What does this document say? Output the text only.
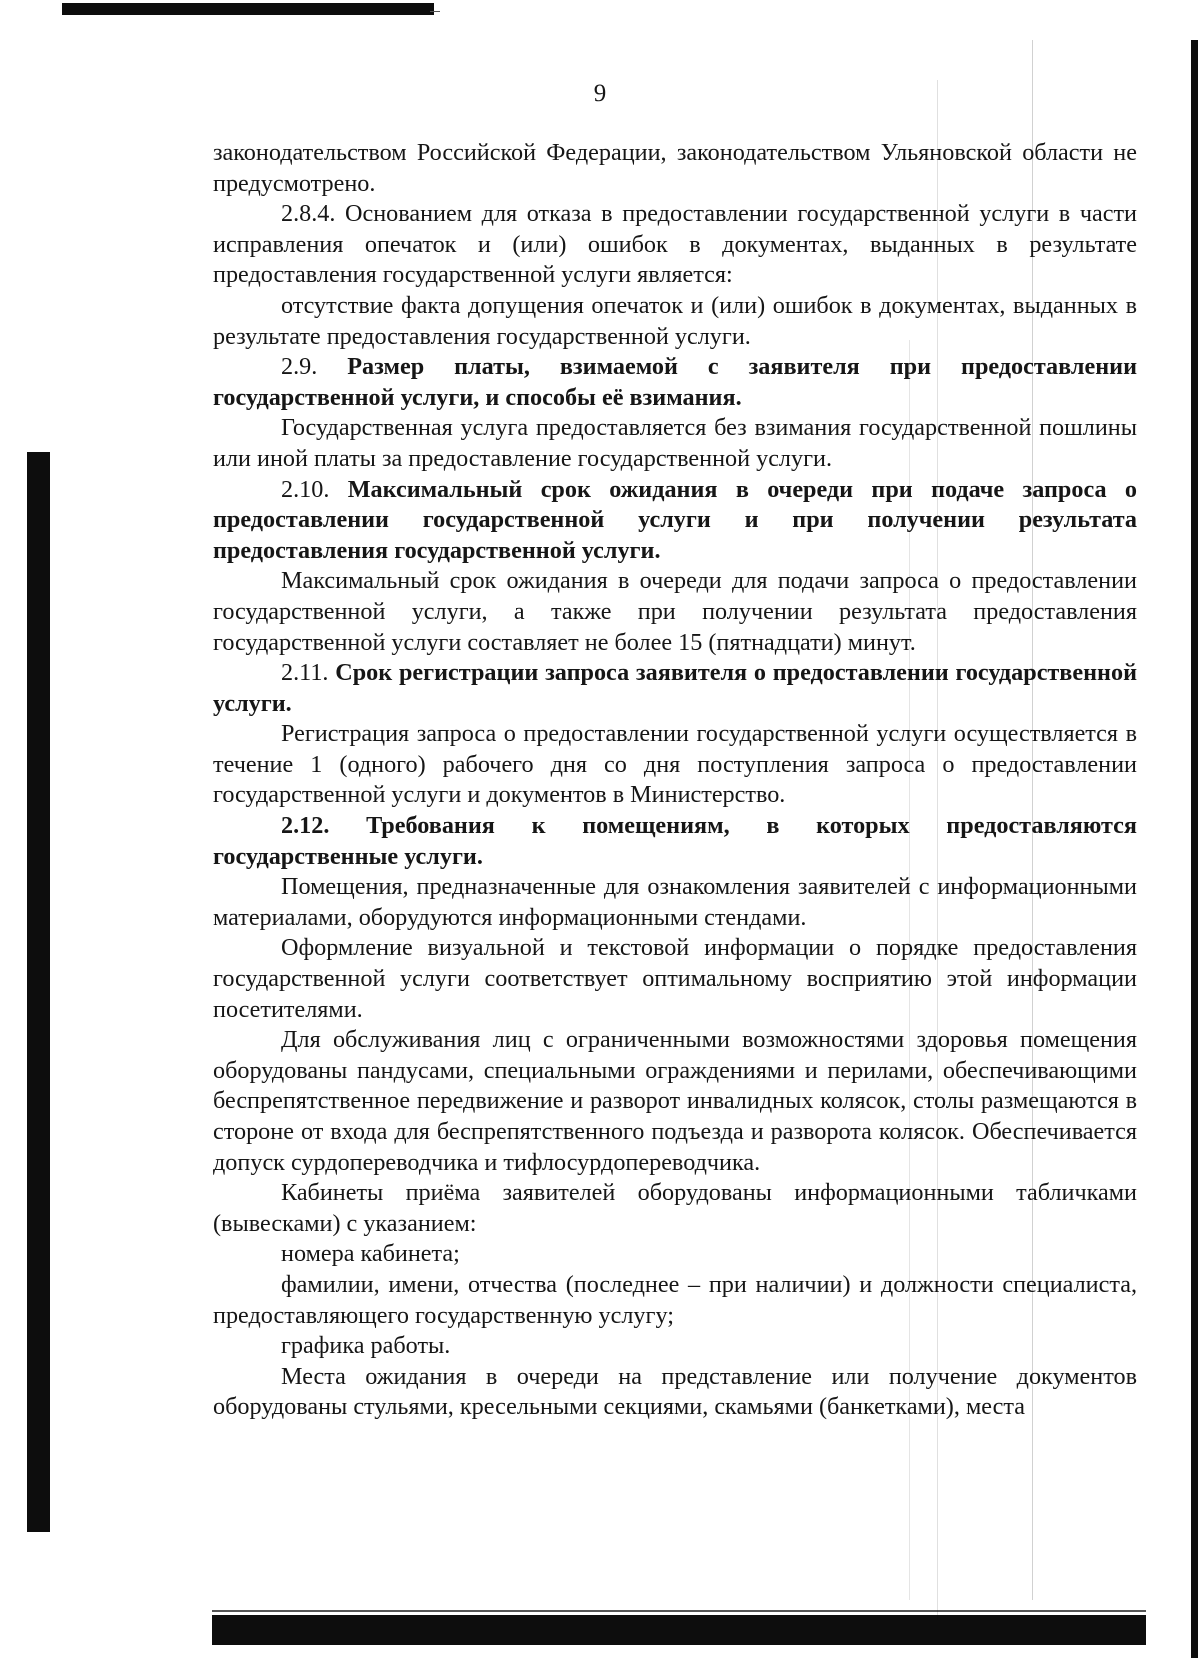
9

законодательством Российской Федерации, законодательством Ульяновской области не предусмотрено.

2.8.4. Основанием для отказа в предоставлении государственной услуги в части исправления опечаток и (или) ошибок в документах, выданных в результате предоставления государственной услуги является:

отсутствие факта допущения опечаток и (или) ошибок в документах, выданных в результате предоставления государственной услуги.

2.9. Размер платы, взимаемой с заявителя при предоставлении государственной услуги, и способы её взимания.

Государственная услуга предоставляется без взимания государственной пошлины или иной платы за предоставление государственной услуги.

2.10. Максимальный срок ожидания в очереди при подаче запроса о предоставлении государственной услуги и при получении результата предоставления государственной услуги.

Максимальный срок ожидания в очереди для подачи запроса о предоставлении государственной услуги, а также при получении результата предоставления государственной услуги составляет не более 15 (пятнадцати) минут.

2.11. Срок регистрации запроса заявителя о предоставлении государственной услуги.

Регистрация запроса о предоставлении государственной услуги осуществляется в течение 1 (одного) рабочего дня со дня поступления запроса о предоставлении государственной услуги и документов в Министерство.

2.12. Требования к помещениям, в которых предоставляются государственные услуги.

Помещения, предназначенные для ознакомления заявителей с информационными материалами, оборудуются информационными стендами.

Оформление визуальной и текстовой информации о порядке предоставления государственной услуги соответствует оптимальному восприятию этой информации посетителями.

Для обслуживания лиц с ограниченными возможностями здоровья помещения оборудованы пандусами, специальными ограждениями и перилами, обеспечивающими беспрепятственное передвижение и разворот инвалидных колясок, столы размещаются в стороне от входа для беспрепятственного подъезда и разворота колясок. Обеспечивается допуск сурдопереводчика и тифлосурдопереводчика.

Кабинеты приёма заявителей оборудованы информационными табличками (вывесками) с указанием:

номера кабинета;

фамилии, имени, отчества (последнее – при наличии) и должности специалиста, предоставляющего государственную услугу;

графика работы.

Места ожидания в очереди на представление или получение документов оборудованы стульями, кресельными секциями, скамьями (банкетками), места
